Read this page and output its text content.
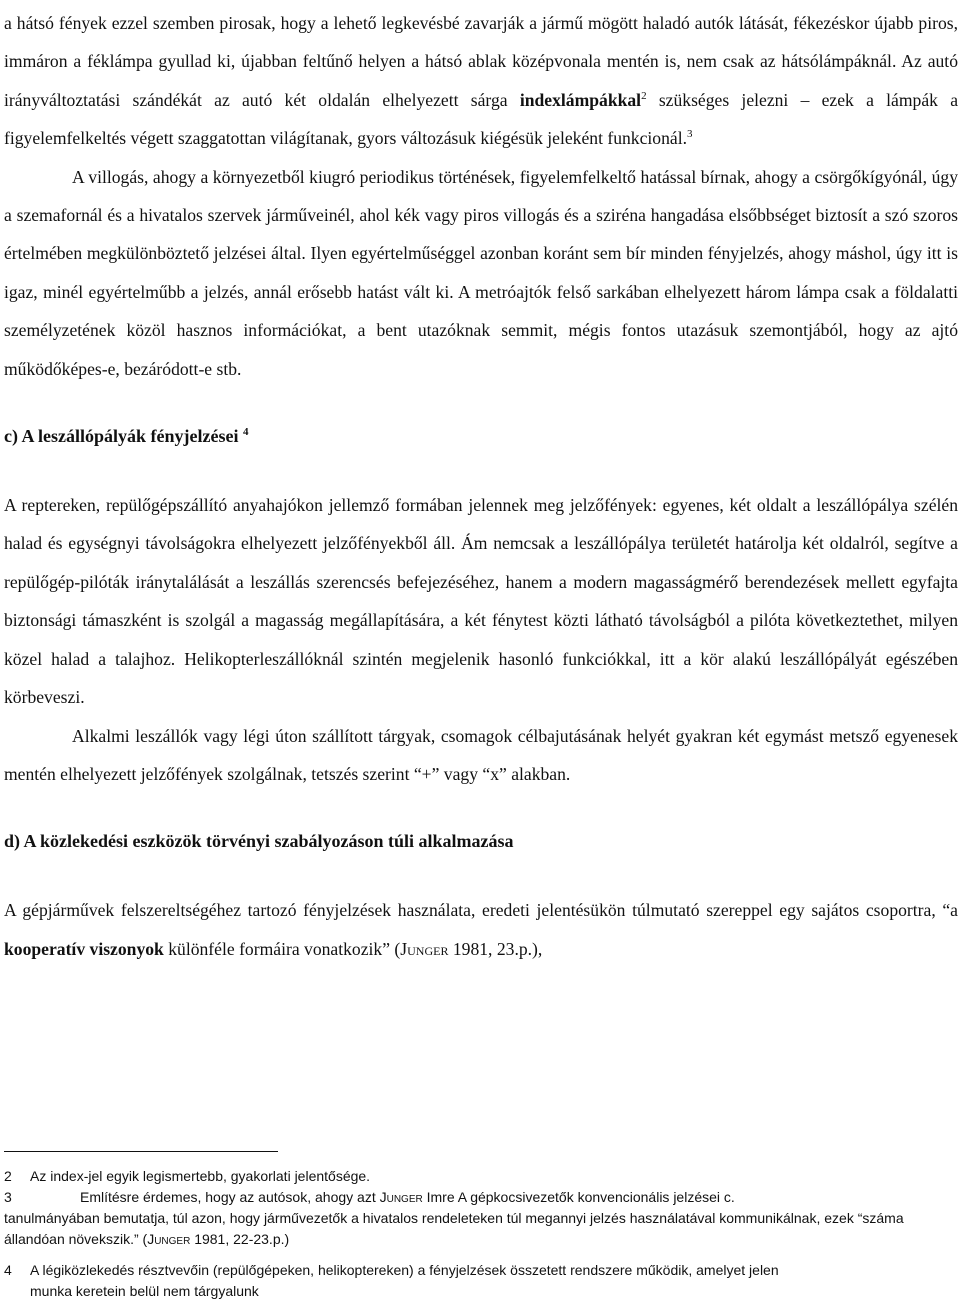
a hátsó fények ezzel szemben pirosak, hogy a lehető legkevésbé zavarják a jármű mögött haladó autók látását, fékezéskor újabb piros, immáron a féklámpa gyullad ki, újabban feltűnő helyen a hátsó ablak középvonala mentén is, nem csak az hátsólámpáknál. Az autó irányváltoztatási szándékát az autó két oldalán elhelyezett sárga indexlámpákkal$^2$ szükséges jelezni – ezek a lámpák a figyelemfelkeltés végett szaggatottan világítanak, gyors változásuk kiégésük jeleként funkcionál.$^3$

A villogás, ahogy a környezetből kiugró periodikus történések, figyelemfelkeltő hatással bírnak, ahogy a csörgőkígyónál, úgy a szemafornál és a hivatalos szervek járműveinél, ahol kék vagy piros villogás és a sziréna hangadása elsőbbséget biztosít a szó szoros értelmében megkülönböztető jelzései által. Ilyen egyértelműséggel azonban koránt sem bír minden fényjelzés, ahogy máshol, úgy itt is igaz, minél egyértelműbb a jelzés, annál erősebb hatást vált ki. A metróajtók felső sarkában elhelyezett három lámpa csak a földalatti személyzetének közöl hasznos információkat, a bent utazóknak semmit, mégis fontos utazásuk szemontjából, hogy az ajtó működőképes-e, bezáródott-e stb.

c) A leszállópályák fényjelzései $^4$

A reptereken, repülőgépszállító anyahajókon jellemző formában jelennek meg jelzőfények: egyenes, két oldalt a leszállópálya szélén halad és egységnyi távolságokra elhelyezett jelzőfényekből áll. Ám nemcsak a leszállópálya területét határolja két oldalról, segítve a repülőgép-pilóták iránytalálását a leszállás szerencsés befejezéséhez, hanem a modern magasságmérő berendezések mellett egyfajta biztonsági támaszként is szolgál a magasság megállapítására, a két fénytest közti látható távolságból a pilóta következtethet, milyen közel halad a talajhoz. Helikopterleszállóknál szintén megjelenik hasonló funkciókkal, itt a kör alakú leszállópályát egészében körbeveszi.

Alkalmi leszállók vagy légi úton szállított tárgyak, csomagok célbajutásának helyét gyakran két egymást metsző egyenesek mentén elhelyezett jelzőfények szolgálnak, tetszés szerint “+” vagy “x” alakban.

d) A közlekedési eszközök törvényi szabályozáson túli alkalmazása

A gépjárművek felszereltségéhez tartozó fényjelzések használata, eredeti jelentésükön túlmutató szereppel egy sajátos csoportra, “a kooperatív viszonyok különféle formáira vonatkozik” (Junger 1981, 23.p.),

2 Az index-jel egyik legismertebb, gyakorlati jelentősége.

3	Említésre érdemes, hogy az autósok, ahogy azt Junger Imre A gépkocsivezetők konvencionális jelzései c.

tanulmányában bemutatja, túl azon, hogy járművezetők a hivatalos rendeleteken túl megannyi jelzés használatával kommunikálnak, ezek “száma állandóan növekszik.” (Junger 1981, 22-23.p.)

4 A légiközlekedés résztvevőin (repülőgépeken, helikoptereken) a fényjelzések összetett rendszere működik, amelyet jelen

munka keretein belül nem tárgyalunk
